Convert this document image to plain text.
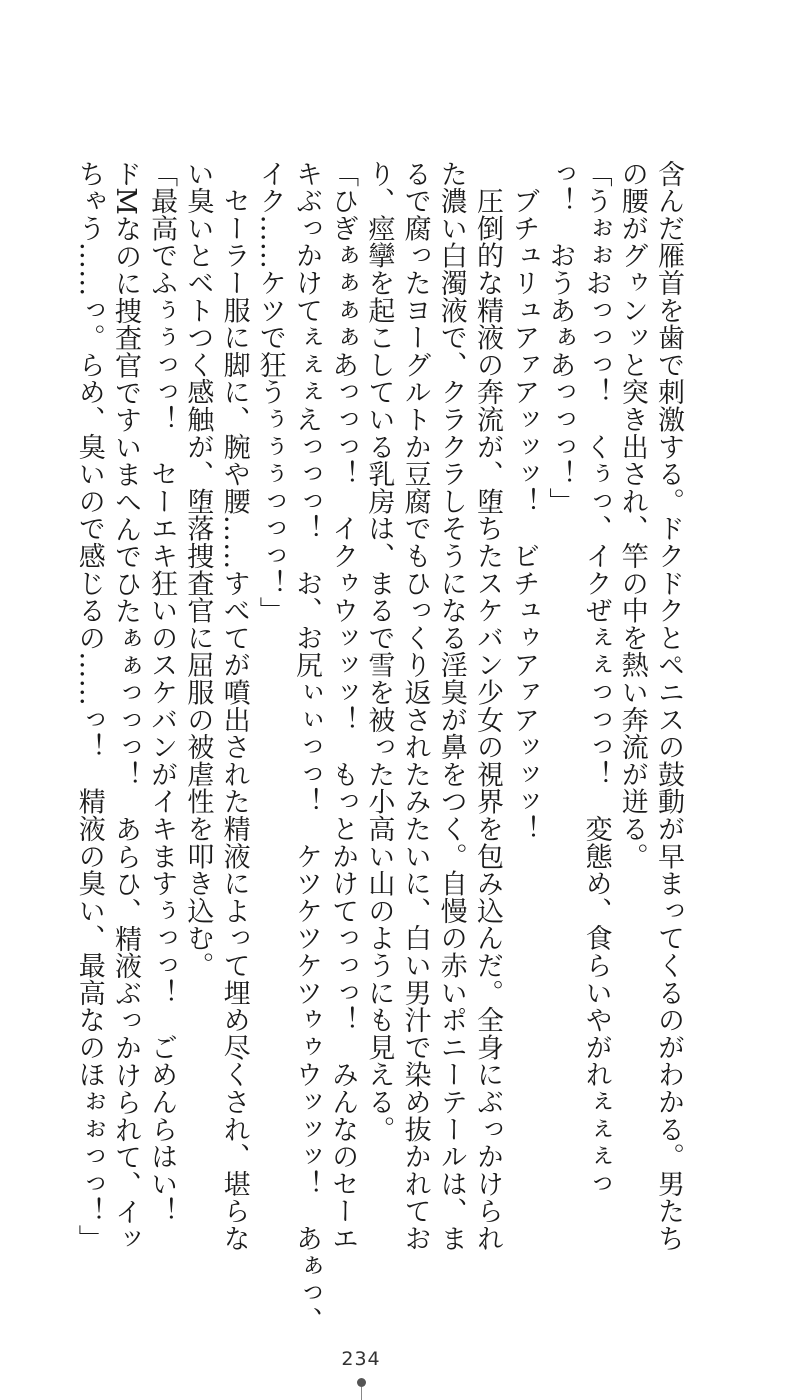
含んだ雁首を歯で刺激する。ドクドクとペニスの鼓動が早まってくるのがわかる。男たち
の腰がグゥンッと突き出され、竿の中を熱い奔流が迸る。
「うぉぉおっっっ！　くぅっ、イクぜぇぇっっっ！　変態め、食らいやがれぇぇぇっ
っ！　おうあぁあっっっ！」
　ブチュリュアァアッッッ！　ビチュゥアァアッッッ！
　圧倒的な精液の奔流が、堕ちたスケバン少女の視界を包み込んだ。全身にぶっかけられ
た濃い白濁液で、クラクラしそうになる淫臭が鼻をつく。自慢の赤いポニーテールは、ま
るで腐ったヨーグルトか豆腐でもひっくり返されたみたいに、白い男汁で染め抜かれてお
り、痙攣を起こしている乳房は、まるで雪を被った小高い山のようにも見える。
「ひぎぁぁぁぁあっっっ！　イクゥウッッッ！　もっとかけてっっっ！　みんなのセーエ
キぶっかけてぇぇぇえっっっ！　お、お尻ぃぃっっ！　ケツケツケツゥゥウッッッ！　あぁっ、
イク……ケツで狂うぅぅぅっっっ！」
　セーラー服に脚に、腕や腰……すべてが噴出された精液によって埋め尽くされ、堪らな
い臭いとベトつく感触が、堕落捜査官に屈服の被虐性を叩き込む。
「最高でふぅぅっっ！　セーエキ狂いのスケバンがイキますぅっっ！　ごめんらはい！
ドMなのに捜査官ですいまへんでひたぁぁっっっ！　あらひ、精液ぶっかけられて、イッ
ちゃう……っ。らめ、臭いので感じるの……っ！　精液の臭い、最高なのほぉぉっっ！」
234
